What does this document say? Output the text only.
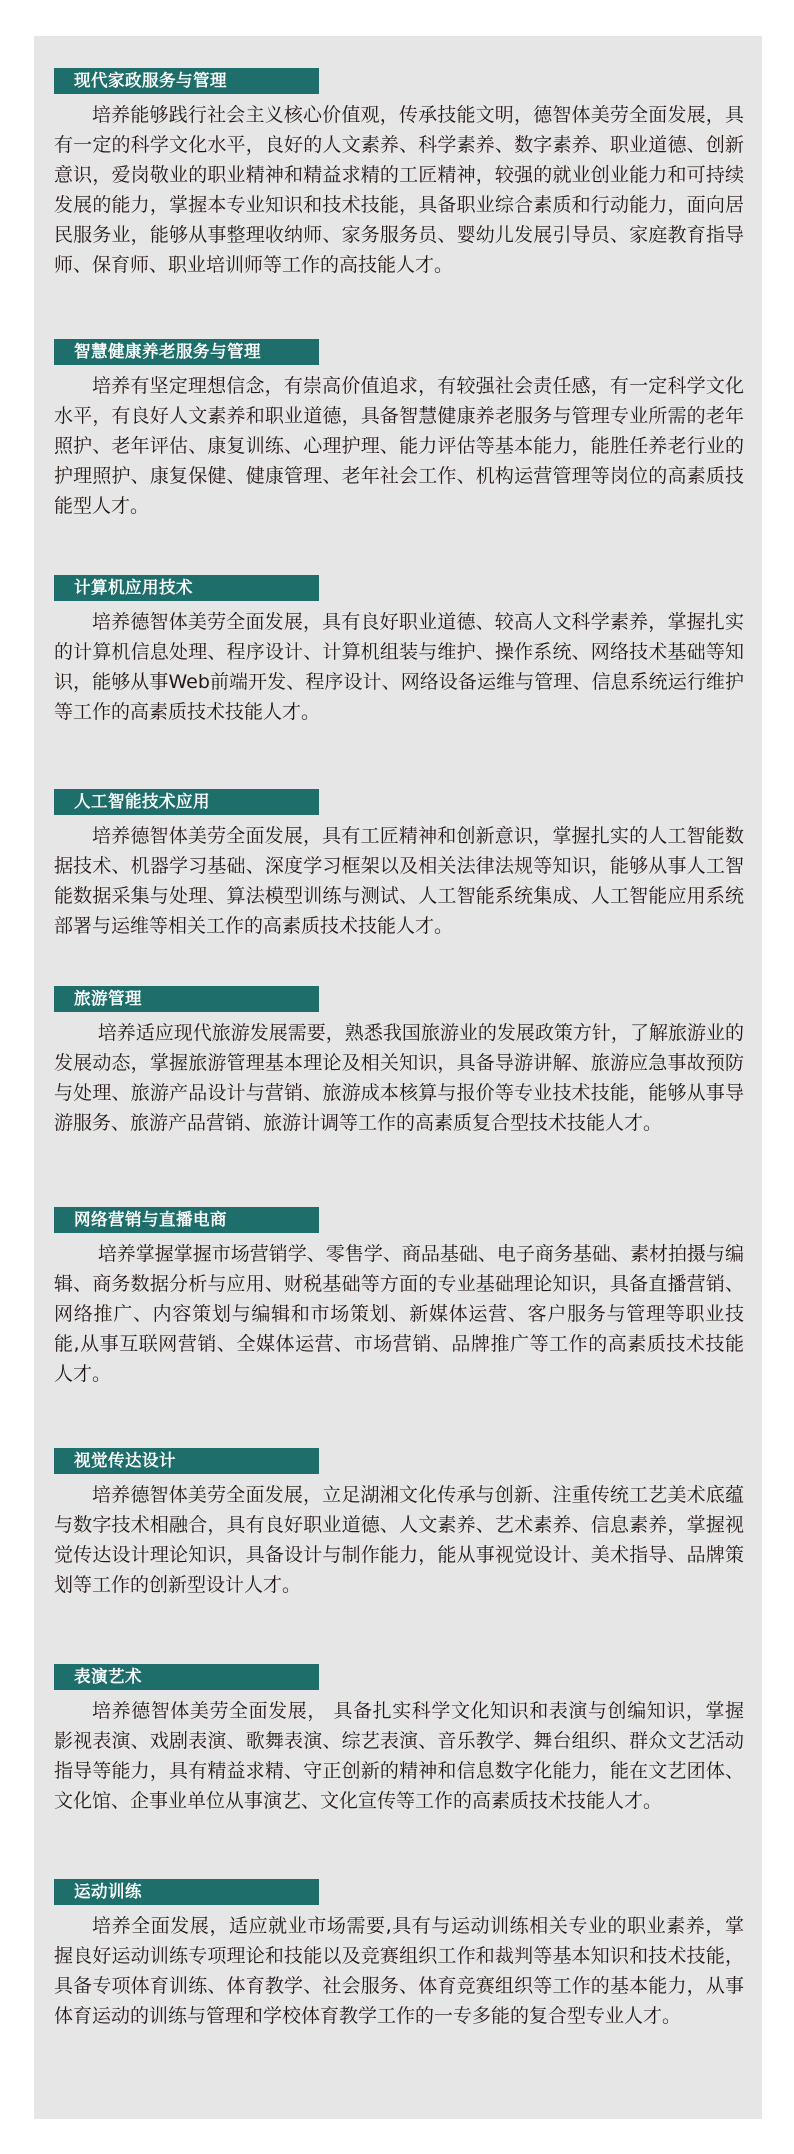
现代家政服务与管理
培养能够践行社会主义核心价值观，传承技能文明，德智体美劳全面发展，具有一定的科学文化水平，良好的人文素养、科学素养、数字素养、职业道德、创新意识，爱岗敬业的职业精神和精益求精的工匠精神，较强的就业创业能力和可持续发展的能力，掌握本专业知识和技术技能，具备职业综合素质和行动能力，面向居民服务业，能够从事整理收纳师、家务服务员、婴幼儿发展引导员、家庭教育指导师、保育师、职业培训师等工作的高技能人才。
智慧健康养老服务与管理
培养有坚定理想信念，有崇高价值追求，有较强社会责任感，有一定科学文化水平，有良好人文素养和职业道德，具备智慧健康养老服务与管理专业所需的老年照护、老年评估、康复训练、心理护理、能力评估等基本能力，能胜任养老行业的护理照护、康复保健、健康管理、老年社会工作、机构运营管理等岗位的高素质技能型人才。
计算机应用技术
培养德智体美劳全面发展，具有良好职业道德、较高人文科学素养，掌握扎实的计算机信息处理、程序设计、计算机组装与维护、操作系统、网络技术基础等知识，能够从事Web前端开发、程序设计、网络设备运维与管理、信息系统运行维护等工作的高素质技术技能人才。
人工智能技术应用
培养德智体美劳全面发展，具有工匠精神和创新意识，掌握扎实的人工智能数据技术、机器学习基础、深度学习框架以及相关法律法规等知识，能够从事人工智能数据采集与处理、算法模型训练与测试、人工智能系统集成、人工智能应用系统部署与运维等相关工作的高素质技术技能人才。
旅游管理
培养适应现代旅游发展需要，熟悉我国旅游业的发展政策方针，了解旅游业的发展动态，掌握旅游管理基本理论及相关知识，具备导游讲解、旅游应急事故预防与处理、旅游产品设计与营销、旅游成本核算与报价等专业技术技能，能够从事导游服务、旅游产品营销、旅游计调等工作的高素质复合型技术技能人才。
网络营销与直播电商
培养掌握掌握市场营销学、零售学、商品基础、电子商务基础、素材拍摄与编辑、商务数据分析与应用、财税基础等方面的专业基础理论知识，具备直播营销、网络推广、内容策划与编辑和市场策划、新媒体运营、客户服务与管理等职业技能,从事互联网营销、全媒体运营、市场营销、品牌推广等工作的高素质技术技能人才。
视觉传达设计
培养德智体美劳全面发展，立足湖湘文化传承与创新、注重传统工艺美术底蕴与数字技术相融合，具有良好职业道德、人文素养、艺术素养、信息素养，掌握视觉传达设计理论知识，具备设计与制作能力，能从事视觉设计、美术指导、品牌策划等工作的创新型设计人才。
表演艺术
培养德智体美劳全面发展， 具备扎实科学文化知识和表演与创编知识，掌握影视表演、戏剧表演、歌舞表演、综艺表演、音乐教学、舞台组织、群众文艺活动指导等能力，具有精益求精、守正创新的精神和信息数字化能力，能在文艺团体、文化馆、企事业单位从事演艺、文化宣传等工作的高素质技术技能人才。
运动训练
培养全面发展，适应就业市场需要,具有与运动训练相关专业的职业素养，掌握良好运动训练专项理论和技能以及竞赛组织工作和裁判等基本知识和技术技能，具备专项体育训练、体育教学、社会服务、体育竞赛组织等工作的基本能力，从事体育运动的训练与管理和学校体育教学工作的一专多能的复合型专业人才。
